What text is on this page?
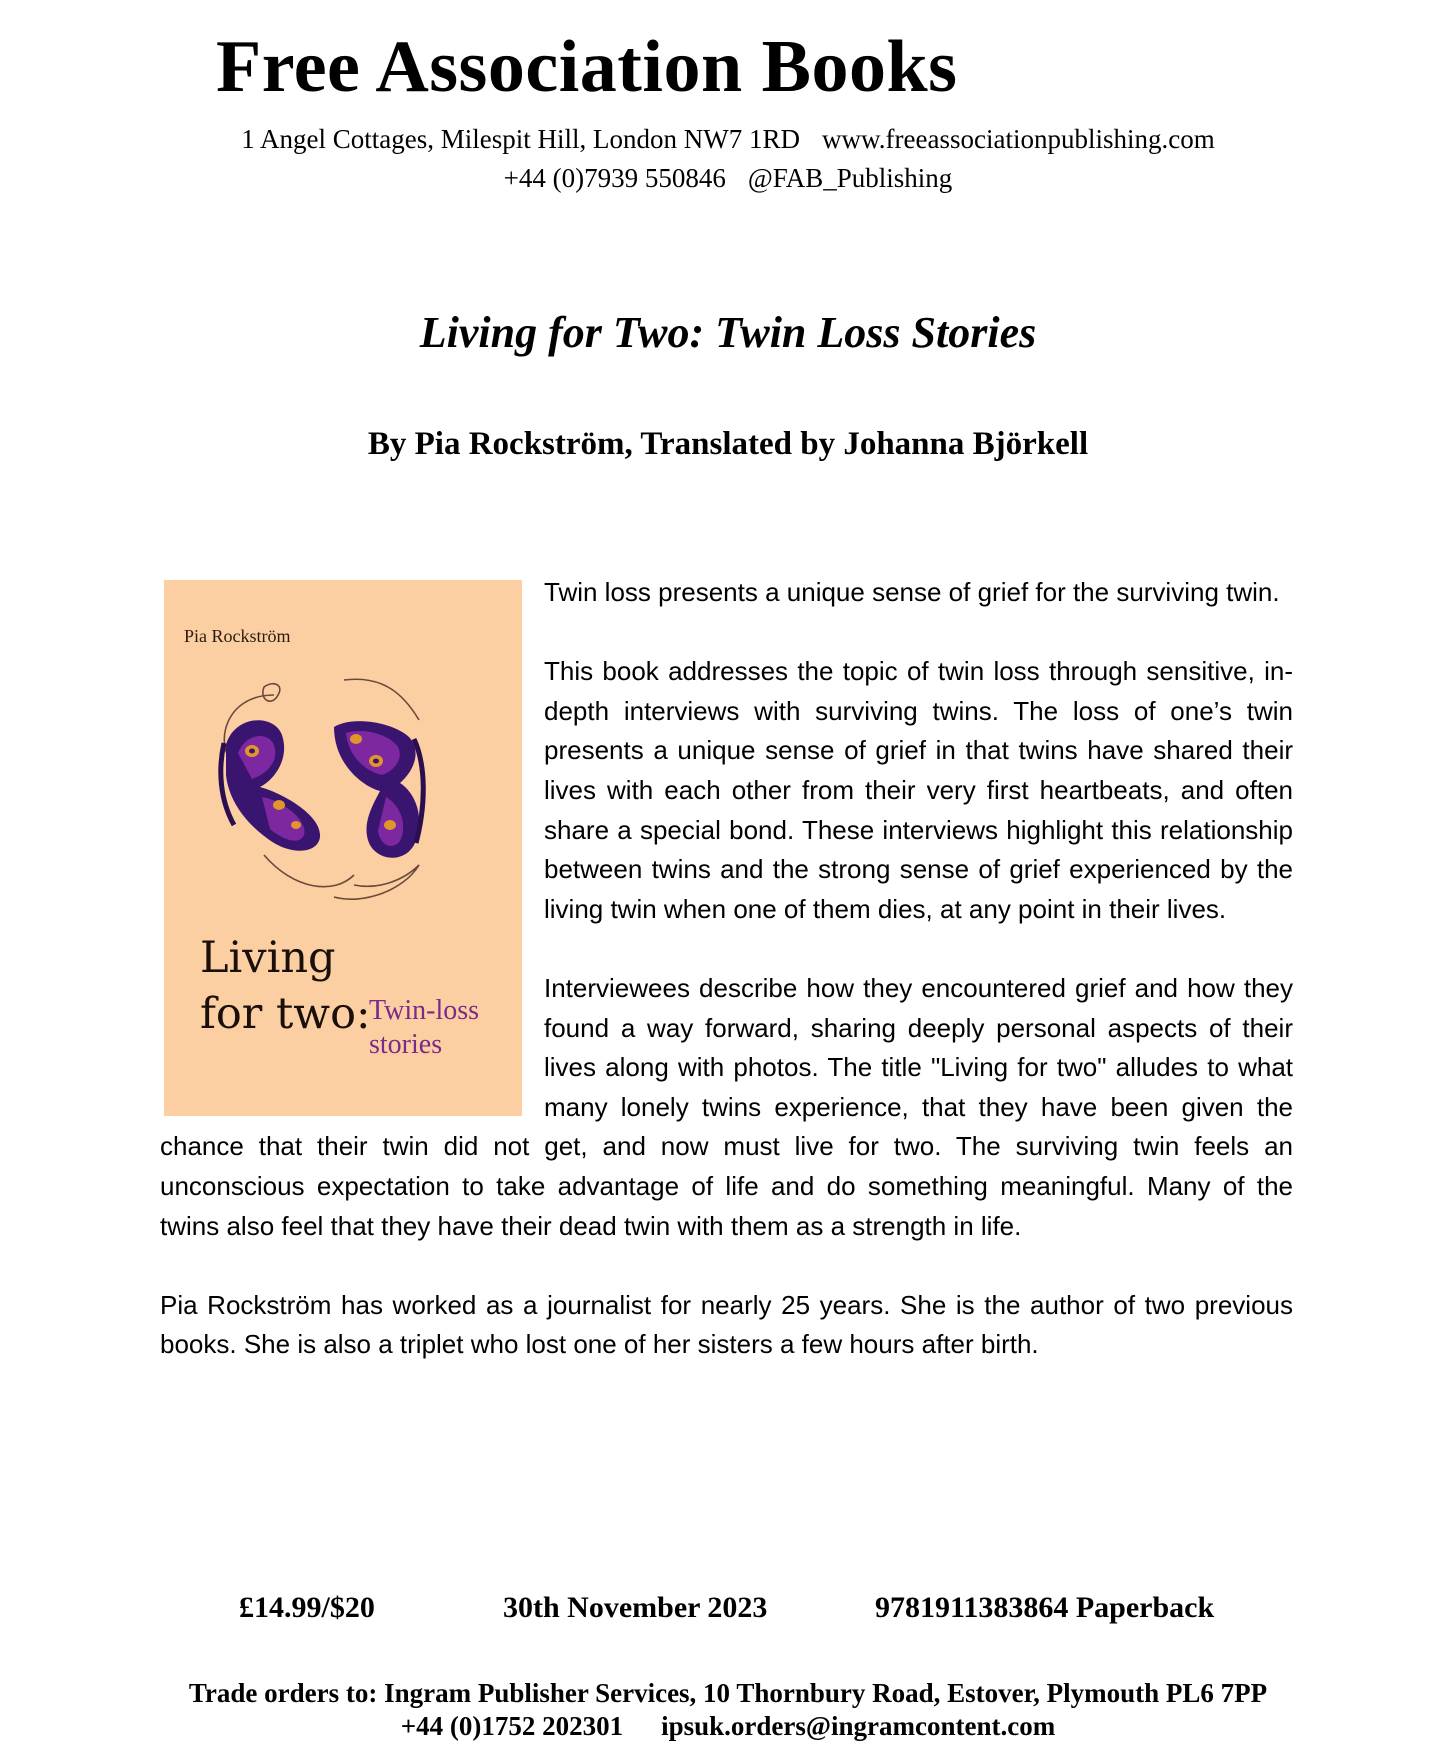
Free Association Books
1 Angel Cottages, Milespit Hill, London NW7 1RD www.freeassociationpublishing.com
+44 (0)7939 550846 @FAB_Publishing
Living for Two: Twin Loss Stories
By Pia Rockström, Translated by Johanna Björkell
Pia Rockström
Living
for two:
Twin-loss
stories

Twin loss presents a unique sense of grief for the surviving twin.

This book addresses the topic of twin loss through sensitive, in-depth interviews with surviving twins. The loss of one’s twin presents a unique sense of grief in that twins have shared their lives with each other from their very first heartbeats, and often share a special bond. These interviews highlight this relationship between twins and the strong sense of grief experienced by the living twin when one of them dies, at any point in their lives.

Interviewees describe how they encountered grief and how they found a way forward, sharing deeply personal aspects of their lives along with photos. The title "Living for two" alludes to what many lonely twins experience, that they have been given the chance that their twin did not get, and now must live for two. The surviving twin feels an unconscious expectation to take advantage of life and do something meaningful. Many of the twins also feel that they have their dead twin with them as a strength in life.

Pia Rockström has worked as a journalist for nearly 25 years. She is the author of two previous books. She is also a triplet who lost one of her sisters a few hours after birth.

£14.99/$20	30th November 2023	9781911383864 Paperback
Trade orders to: Ingram Publisher Services, 10 Thornbury Road, Estover, Plymouth PL6 7PP
+44 (0)1752 202301 ipsuk.orders@ingramcontent.com
